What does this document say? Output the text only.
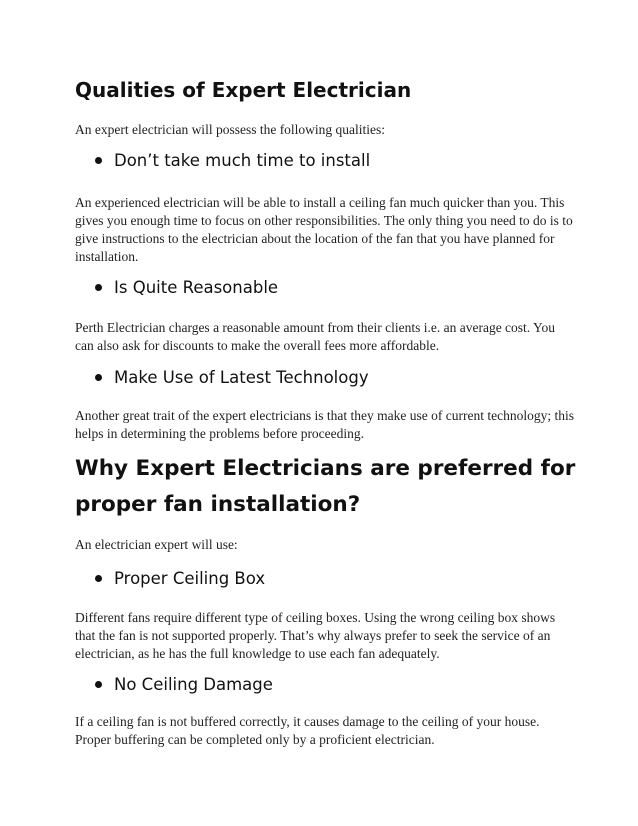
Qualities of Expert Electrician

An expert electrician will possess the following qualities:

Don’t take much time to install

An experienced electrician will be able to install a ceiling fan much quicker than you. This gives you enough time to focus on other responsibilities. The only thing you need to do is to give instructions to the electrician about the location of the fan that you have planned for installation.

Is Quite Reasonable

Perth Electrician charges a reasonable amount from their clients i.e. an average cost. You can also ask for discounts to make the overall fees more affordable.

Make Use of Latest Technology

Another great trait of the expert electricians is that they make use of current technology; this helps in determining the problems before proceeding.

Why Expert Electricians are preferred for proper fan installation?

An electrician expert will use:

Proper Ceiling Box

Different fans require different type of ceiling boxes. Using the wrong ceiling box shows that the fan is not supported properly. That’s why always prefer to seek the service of an electrician, as he has the full knowledge to use each fan adequately.

No Ceiling Damage

If a ceiling fan is not buffered correctly, it causes damage to the ceiling of your house. Proper buffering can be completed only by a proficient electrician.
